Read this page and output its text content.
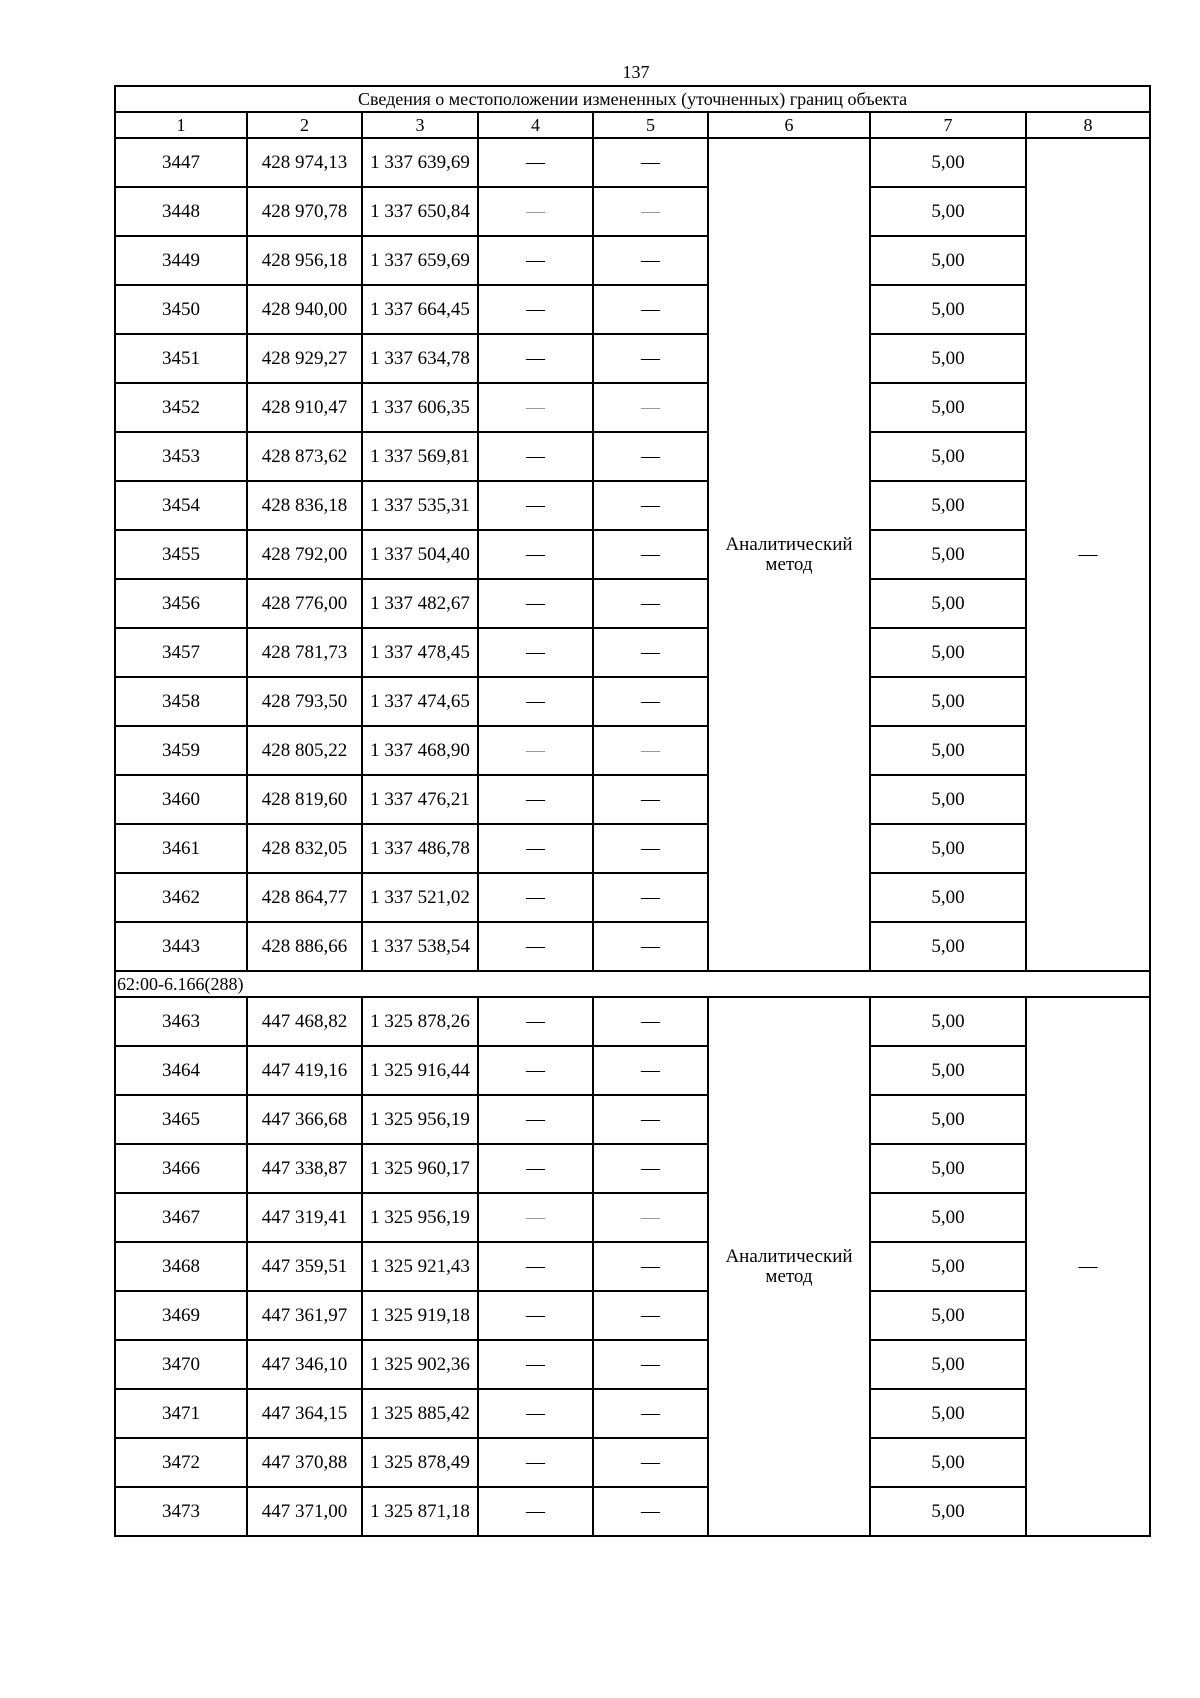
137
Сведения о местоположении измененных (уточненных) границ объекта							
1	2	3	4	5	6	7	8
3447	428 974,13	1 337 639,69	—	—	Аналитический метод	5,00	—
3448	428 970,78	1 337 650,84	—	—		5,00	
3449	428 956,18	1 337 659,69	—	—		5,00	
3450	428 940,00	1 337 664,45	—	—		5,00	
3451	428 929,27	1 337 634,78	—	—		5,00	
3452	428 910,47	1 337 606,35	—	—		5,00	
3453	428 873,62	1 337 569,81	—	—		5,00	
3454	428 836,18	1 337 535,31	—	—		5,00	
3455	428 792,00	1 337 504,40	—	—		5,00	
3456	428 776,00	1 337 482,67	—	—		5,00	
3457	428 781,73	1 337 478,45	—	—		5,00	
3458	428 793,50	1 337 474,65	—	—		5,00	
3459	428 805,22	1 337 468,90	—	—		5,00	
3460	428 819,60	1 337 476,21	—	—		5,00	
3461	428 832,05	1 337 486,78	—	—		5,00	
3462	428 864,77	1 337 521,02	—	—		5,00	
3443	428 886,66	1 337 538,54	—	—		5,00	
62:00-6.166(288)							
3463	447 468,82	1 325 878,26	—	—	Аналитический метод	5,00	—
3464	447 419,16	1 325 916,44	—	—		5,00	
3465	447 366,68	1 325 956,19	—	—		5,00	
3466	447 338,87	1 325 960,17	—	—		5,00	
3467	447 319,41	1 325 956,19	—	—		5,00	
3468	447 359,51	1 325 921,43	—	—		5,00	
3469	447 361,97	1 325 919,18	—	—		5,00	
3470	447 346,10	1 325 902,36	—	—		5,00	
3471	447 364,15	1 325 885,42	—	—		5,00	
3472	447 370,88	1 325 878,49	—	—		5,00	
3473	447 371,00	1 325 871,18	—	—		5,00	
